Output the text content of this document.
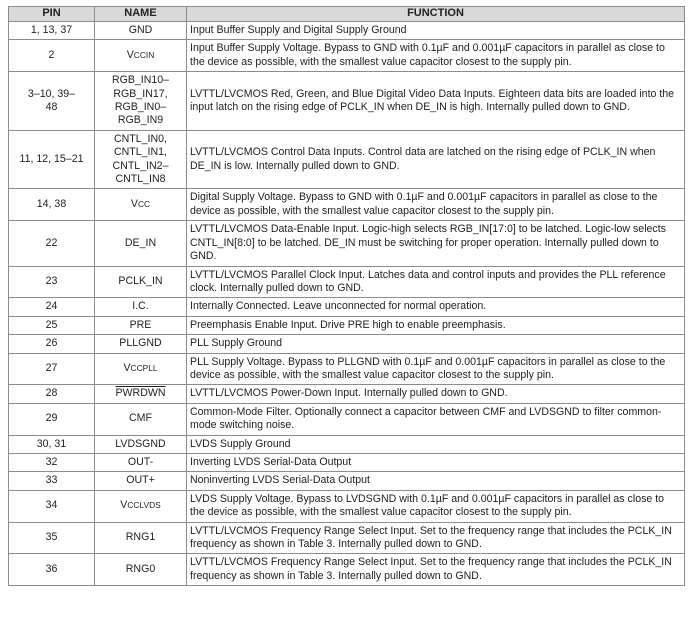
PIN	NAME	FUNCTION
1, 13, 37	GND	Input Buffer Supply and Digital Supply Ground
2	VCCIN	Input Buffer Supply Voltage. Bypass to GND with 0.1µF and 0.001µF capacitors in parallel as close to the device as possible, with the smallest value capacitor closest to the supply pin.
3–10, 39–48	RGB_IN10– RGB_IN17, RGB_IN0– RGB_IN9	LVTTL/LVCMOS Red, Green, and Blue Digital Video Data Inputs. Eighteen data bits are loaded into the input latch on the rising edge of PCLK_IN when DE_IN is high. Internally pulled down to GND.
11, 12, 15–21	CNTL_IN0, CNTL_IN1, CNTL_IN2– CNTL_IN8	LVTTL/LVCMOS Control Data Inputs. Control data are latched on the rising edge of PCLK_IN when DE_IN is low. Internally pulled down to GND.
14, 38	VCC	Digital Supply Voltage. Bypass to GND with 0.1µF and 0.001µF capacitors in parallel as close to the device as possible, with the smallest value capacitor closest to the supply pin.
22	DE_IN	LVTTL/LVCMOS Data-Enable Input. Logic-high selects RGB_IN[17:0] to be latched. Logic-low selects CNTL_IN[8:0] to be latched. DE_IN must be switching for proper operation. Internally pulled down to GND.
23	PCLK_IN	LVTTL/LVCMOS Parallel Clock Input. Latches data and control inputs and provides the PLL reference clock. Internally pulled down to GND.
24	I.C.	Internally Connected. Leave unconnected for normal operation.
25	PRE	Preemphasis Enable Input. Drive PRE high to enable preemphasis.
26	PLLGND	PLL Supply Ground
27	VCCPLL	PLL Supply Voltage. Bypass to PLLGND with 0.1µF and 0.001µF capacitors in parallel as close to the device as possible, with the smallest value capacitor closest to the supply pin.
28	PWRDWN	LVTTL/LVCMOS Power-Down Input. Internally pulled down to GND.
29	CMF	Common-Mode Filter. Optionally connect a capacitor between CMF and LVDSGND to filter common-mode switching noise.
30, 31	LVDSGND	LVDS Supply Ground
32	OUT-	Inverting LVDS Serial-Data Output
33	OUT+	Noninverting LVDS Serial-Data Output
34	VCCLVDS	LVDS Supply Voltage. Bypass to LVDSGND with 0.1µF and 0.001µF capacitors in parallel as close to the device as possible, with the smallest value capacitor closest to the supply pin.
35	RNG1	LVTTL/LVCMOS Frequency Range Select Input. Set to the frequency range that includes the PCLK_IN frequency as shown in Table 3. Internally pulled down to GND.
36	RNG0	LVTTL/LVCMOS Frequency Range Select Input. Set to the frequency range that includes the PCLK_IN frequency as shown in Table 3. Internally pulled down to GND.
